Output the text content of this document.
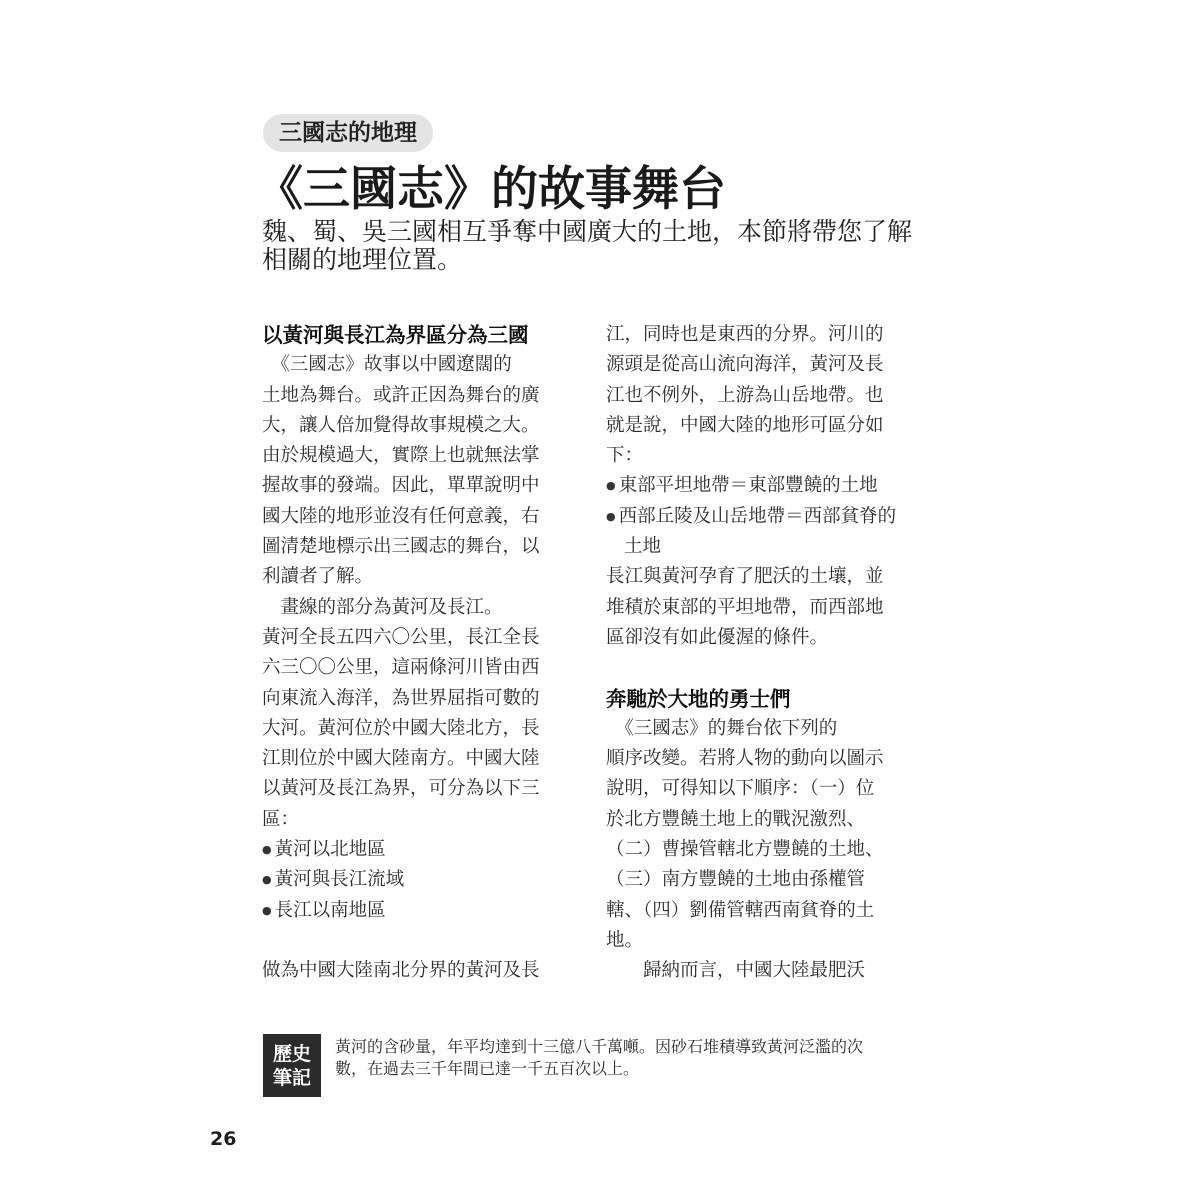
三國志的地理
《三國志》的故事舞台
魏、蜀、吳三國相互爭奪中國廣大的土地，本節將帶您了解
相關的地理位置。
以黃河與長江為界區分為三國
　《三國志》故事以中國遼闊的
土地為舞台。或許正因為舞台的廣
大，讓人倍加覺得故事規模之大。
由於規模過大，實際上也就無法掌
握故事的發端。因此，單單說明中
國大陸的地形並沒有任何意義，右
圖清楚地標示出三國志的舞台，以
利讀者了解。
　畫線的部分為黃河及長江。
黃河全長五四六〇公里，長江全長
六三〇〇公里，這兩條河川皆由西
向東流入海洋，為世界屈指可數的
大河。黃河位於中國大陸北方，長
江則位於中國大陸南方。中國大陸
以黃河及長江為界，可分為以下三
區：
● 黃河以北地區
● 黃河與長江流域
● 長江以南地區
做為中國大陸南北分界的黃河及長
江，同時也是東西的分界。河川的
源頭是從高山流向海洋，黃河及長
江也不例外，上游為山岳地帶。也
就是說，中國大陸的地形可區分如
下：
● 東部平坦地帶＝東部豐饒的土地
● 西部丘陵及山岳地帶＝西部貧脊的
土地
長江與黃河孕育了肥沃的土壤，並
堆積於東部的平坦地帶，而西部地
區卻沒有如此優渥的條件。
奔馳於大地的勇士們
　《三國志》的舞台依下列的
順序改變。若將人物的動向以圖示
說明，可得知以下順序：（一）位
於北方豐饒土地上的戰況激烈、
（二）曹操管轄北方豐饒的土地、
（三）南方豐饒的土地由孫權管
轄、（四）劉備管轄西南貧脊的土
地。
　　歸納而言，中國大陸最肥沃
歷史
筆記
黃河的含砂量，年平均達到十三億八千萬噸。因砂石堆積導致黃河泛濫的次
數，在過去三千年間已達一千五百次以上。
26
